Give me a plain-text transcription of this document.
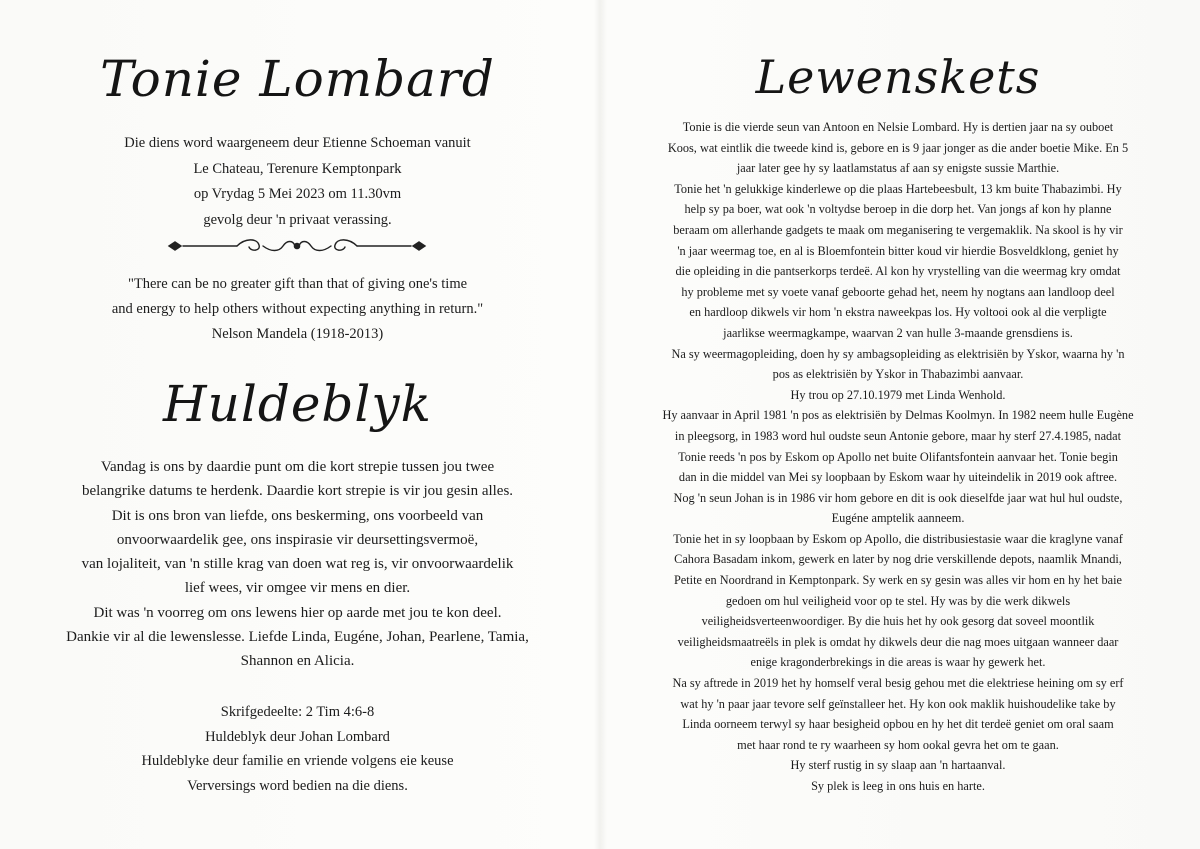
Tonie Lombard

Die diens word waargeneem deur Etienne Schoeman vanuit
Le Chateau, Terenure Kemptonpark
op Vrydag 5 Mei 2023 om 11.30vm
gevolg deur 'n privaat verassing.

"There can be no greater gift than that of giving one's time
and energy to help others without expecting anything in return."
Nelson Mandela (1918-2013)

Huldeblyk

Vandag is ons by daardie punt om die kort strepie tussen jou twee
belangrike datums te herdenk. Daardie kort strepie is vir jou gesin alles.
Dit is ons bron van liefde, ons beskerming, ons voorbeeld van
onvoorwaardelik gee, ons inspirasie vir deursettingsvermoë,
van lojaliteit, van 'n stille krag van doen wat reg is, vir onvoorwaardelik
lief wees, vir omgee vir mens en dier.
Dit was 'n voorreg om ons lewens hier op aarde met jou te kon deel.
Dankie vir al die lewenslesse. Liefde Linda, Eugéne, Johan, Pearlene, Tamia,
Shannon en Alicia.

Skrifgedeelte: 2 Tim 4:6-8
Huldeblyk deur Johan Lombard
Huldeblyke deur familie en vriende volgens eie keuse
Verversings word bedien na die diens.

Lewenskets

Tonie is die vierde seun van Antoon en Nelsie Lombard. Hy is dertien jaar na sy ouboet
Koos, wat eintlik die tweede kind is, gebore en is 9 jaar jonger as die ander boetie Mike. En 5
jaar later gee hy sy laatlamstatus af aan sy enigste sussie Marthie.
Tonie het 'n gelukkige kinderlewe op die plaas Hartebeesbult, 13 km buite Thabazimbi. Hy
help sy pa boer, wat ook 'n voltydse beroep in die dorp het. Van jongs af kon hy planne
beraam om allerhande gadgets te maak om meganisering te vergemaklik. Na skool is hy vir
'n jaar weermag toe, en al is Bloemfontein bitter koud vir hierdie Bosveldklong, geniet hy
die opleiding in die pantserkorps terdeë. Al kon hy vrystelling van die weermag kry omdat
hy probleme met sy voete vanaf geboorte gehad het, neem hy nogtans aan landloop deel
en hardloop dikwels vir hom 'n ekstra naweekpas los. Hy voltooi ook al die verpligte
jaarlikse weermagkampe, waarvan 2 van hulle 3-maande grensdiens is.
Na sy weermagopleiding, doen hy sy ambagsopleiding as elektrisiën by Yskor, waarna hy 'n
pos as elektrisiën by Yskor in Thabazimbi aanvaar.
Hy trou op 27.10.1979 met Linda Wenhold.
Hy aanvaar in April 1981 'n pos as elektrisiën by Delmas Koolmyn. In 1982 neem hulle Eugène
in pleegsorg, in 1983 word hul oudste seun Antonie gebore, maar hy sterf 27.4.1985, nadat
Tonie reeds 'n pos by Eskom op Apollo net buite Olifantsfontein aanvaar het. Tonie begin
dan in die middel van Mei sy loopbaan by Eskom waar hy uiteindelik in 2019 ook aftree.
Nog 'n seun Johan is in 1986 vir hom gebore en dit is ook dieselfde jaar wat hul hul oudste,
Eugéne amptelik aanneem.
Tonie het in sy loopbaan by Eskom op Apollo, die distribusiestasie waar die kraglyne vanaf
Cahora Basadam inkom, gewerk en later by nog drie verskillende depots, naamlik Mnandi,
Petite en Noordrand in Kemptonpark. Sy werk en sy gesin was alles vir hom en hy het baie
gedoen om hul veiligheid voor op te stel. Hy was by die werk dikwels
veiligheidsverteenwoordiger. By die huis het hy ook gesorg dat soveel moontlik
veiligheidsmaatreëls in plek is omdat hy dikwels deur die nag moes uitgaan wanneer daar
enige kragonderbrekings in die areas is waar hy gewerk het.
Na sy aftrede in 2019 het hy homself veral besig gehou met die elektriese heining om sy erf
wat hy 'n paar jaar tevore self geïnstalleer het. Hy kon ook maklik huishoudelike take by
Linda oorneem terwyl sy haar besigheid opbou en hy het dit terdeë geniet om oral saam
met haar rond te ry waarheen sy hom ookal gevra het om te gaan.
Hy sterf rustig in sy slaap aan 'n hartaanval.
Sy plek is leeg in ons huis en harte.
